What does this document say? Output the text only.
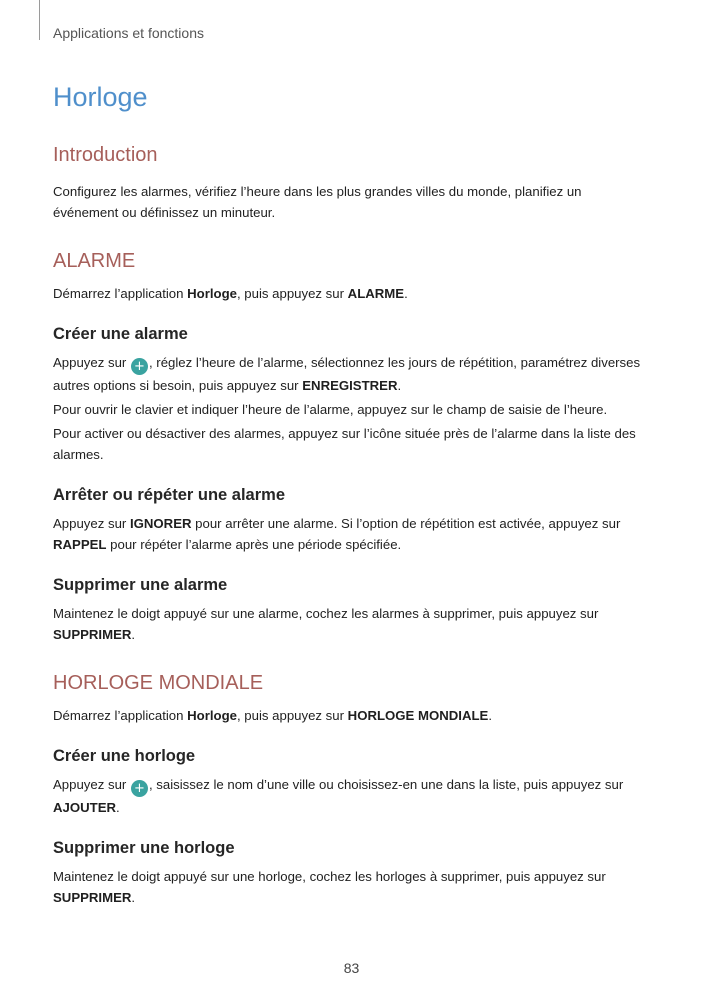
Applications et fonctions
Horloge
Introduction

Configurez les alarmes, vérifiez l’heure dans les plus grandes villes du monde, planifiez un événement ou définissez un minuteur.

ALARME

Démarrez l’application Horloge, puis appuyez sur ALARME.

Créer une alarme

Appuyez sur + , réglez l’heure de l’alarme, sélectionnez les jours de répétition, paramétrez diverses autres options si besoin, puis appuyez sur ENREGISTRER.

Pour ouvrir le clavier et indiquer l’heure de l’alarme, appuyez sur le champ de saisie de l’heure.

Pour activer ou désactiver des alarmes, appuyez sur l’icône située près de l’alarme dans la liste des alarmes.

Arrêter ou répéter une alarme

Appuyez sur IGNORER pour arrêter une alarme. Si l’option de répétition est activée, appuyez sur RAPPEL pour répéter l’alarme après une période spécifiée.

Supprimer une alarme

Maintenez le doigt appuyé sur une alarme, cochez les alarmes à supprimer, puis appuyez sur SUPPRIMER.

HORLOGE MONDIALE

Démarrez l’application Horloge, puis appuyez sur HORLOGE MONDIALE.

Créer une horloge

Appuyez sur + , saisissez le nom d’une ville ou choisissez-en une dans la liste, puis appuyez sur AJOUTER.

Supprimer une horloge

Maintenez le doigt appuyé sur une horloge, cochez les horloges à supprimer, puis appuyez sur SUPPRIMER.

83
